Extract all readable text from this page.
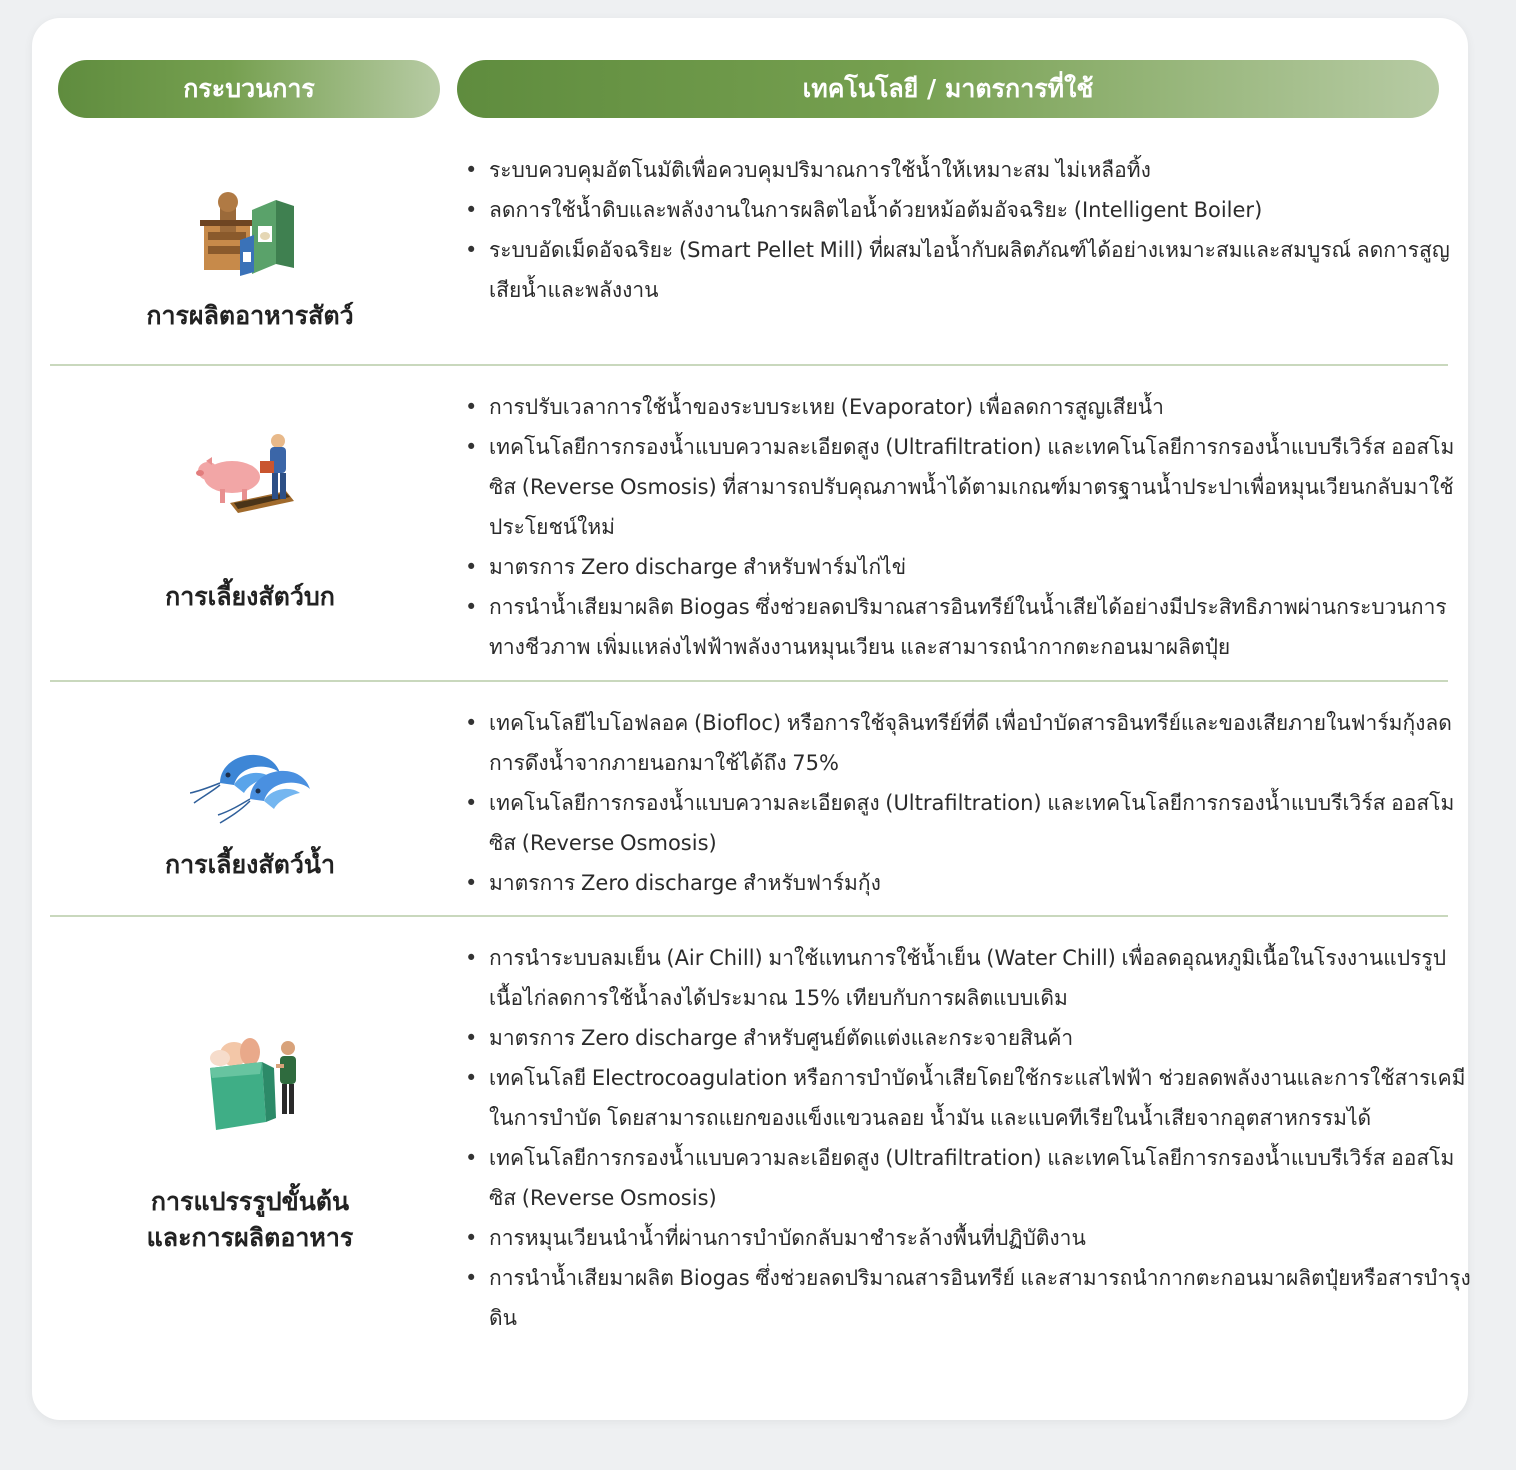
กระบวนการ	เทคโนโลยี / มาตรการที่ใช้
การผลิตอาหารสัตว์
• ระบบควบคุมอัตโนมัติเพื่อควบคุมปริมาณการใช้น้ำให้เหมาะสม ไม่เหลือทิ้ง
• ลดการใช้น้ำดิบและพลังงานในการผลิตไอน้ำด้วยหม้อต้มอัจฉริยะ (Intelligent Boiler)
• ระบบอัดเม็ดอัจฉริยะ (Smart Pellet Mill) ที่ผสมไอน้ำกับผลิตภัณฑ์ได้อย่างเหมาะสมและสมบูรณ์ ลดการสูญเสียน้ำและพลังงาน
การเลี้ยงสัตว์บก
• การปรับเวลาการใช้น้ำของระบบระเหย (Evaporator) เพื่อลดการสูญเสียน้ำ
• เทคโนโลยีการกรองน้ำแบบความละเอียดสูง (Ultrafiltration) และเทคโนโลยีการกรองน้ำแบบรีเวิร์ส ออสโมซิส (Reverse Osmosis) ที่สามารถปรับคุณภาพน้ำได้ตามเกณฑ์มาตรฐานน้ำประปาเพื่อหมุนเวียนกลับมาใช้ประโยชน์ใหม่
• มาตรการ Zero discharge สำหรับฟาร์มไก่ไข่
• การนำน้ำเสียมาผลิต Biogas ซึ่งช่วยลดปริมาณสารอินทรีย์ในน้ำเสียได้อย่างมีประสิทธิภาพผ่านกระบวนการทางชีวภาพ เพิ่มแหล่งไฟฟ้าพลังงานหมุนเวียน และสามารถนำกากตะกอนมาผลิตปุ๋ย
การเลี้ยงสัตว์น้ำ
• เทคโนโลยีไบโอฟลอค (Biofloc) หรือการใช้จุลินทรีย์ที่ดี เพื่อบำบัดสารอินทรีย์และของเสียภายในฟาร์มกุ้งลดการดึงน้ำจากภายนอกมาใช้ได้ถึง 75%
• เทคโนโลยีการกรองน้ำแบบความละเอียดสูง (Ultrafiltration) และเทคโนโลยีการกรองน้ำแบบรีเวิร์ส ออสโมซิส (Reverse Osmosis)
• มาตรการ Zero discharge สำหรับฟาร์มกุ้ง
การแปรรรูปขั้นต้น
และการผลิตอาหาร
• การนำระบบลมเย็น (Air Chill) มาใช้แทนการใช้น้ำเย็น (Water Chill) เพื่อลดอุณหภูมิเนื้อในโรงงานแปรรูปเนื้อไก่ลดการใช้น้ำลงได้ประมาณ 15% เทียบกับการผลิตแบบเดิม
• มาตรการ Zero discharge สำหรับศูนย์ตัดแต่งและกระจายสินค้า
• เทคโนโลยี Electrocoagulation หรือการบำบัดน้ำเสียโดยใช้กระแสไฟฟ้า ช่วยลดพลังงานและการใช้สารเคมีในการบำบัด โดยสามารถแยกของแข็งแขวนลอย น้ำมัน และแบคทีเรียในน้ำเสียจากอุตสาหกรรมได้
• เทคโนโลยีการกรองน้ำแบบความละเอียดสูง (Ultrafiltration) และเทคโนโลยีการกรองน้ำแบบรีเวิร์ส ออสโมซิส (Reverse Osmosis)
• การหมุนเวียนนำน้ำที่ผ่านการบำบัดกลับมาชำระล้างพื้นที่ปฏิบัติงาน
• การนำน้ำเสียมาผลิต Biogas ซึ่งช่วยลดปริมาณสารอินทรีย์ และสามารถนำกากตะกอนมาผลิตปุ๋ยหรือสารบำรุงดิน
